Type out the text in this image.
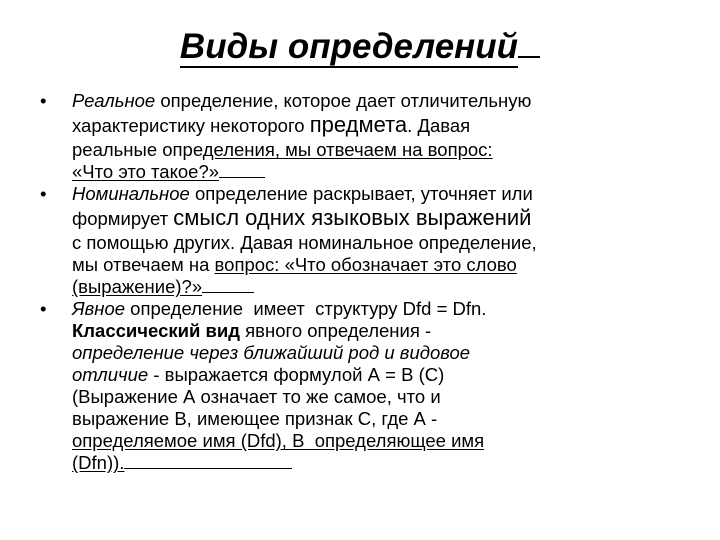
Виды определений
• Реальное определение, которое дает отличительную
характеристику некоторого предмета. Давая
реальные определения, мы отвечаем на вопрос:
«Что это такое?»
• Номинальное определение раскрывает, уточняет или
формирует смысл одних языковых выражений
с помощью других. Давая номинальное определение,
мы отвечаем на вопрос: «Что обозначает это слово
(выражение)?»
• Явное определение  имеет  структуру Dfd = Dfn.
Классический вид явного определения -
определение через ближайший род и видовое
отличие - выражается формулой А = В (С)
(Выражение А означает то же самое, что и
выражение В, имеющее признак С, где А -
определяемое имя (Dfd), В  определяющее имя
(Dfn)).
